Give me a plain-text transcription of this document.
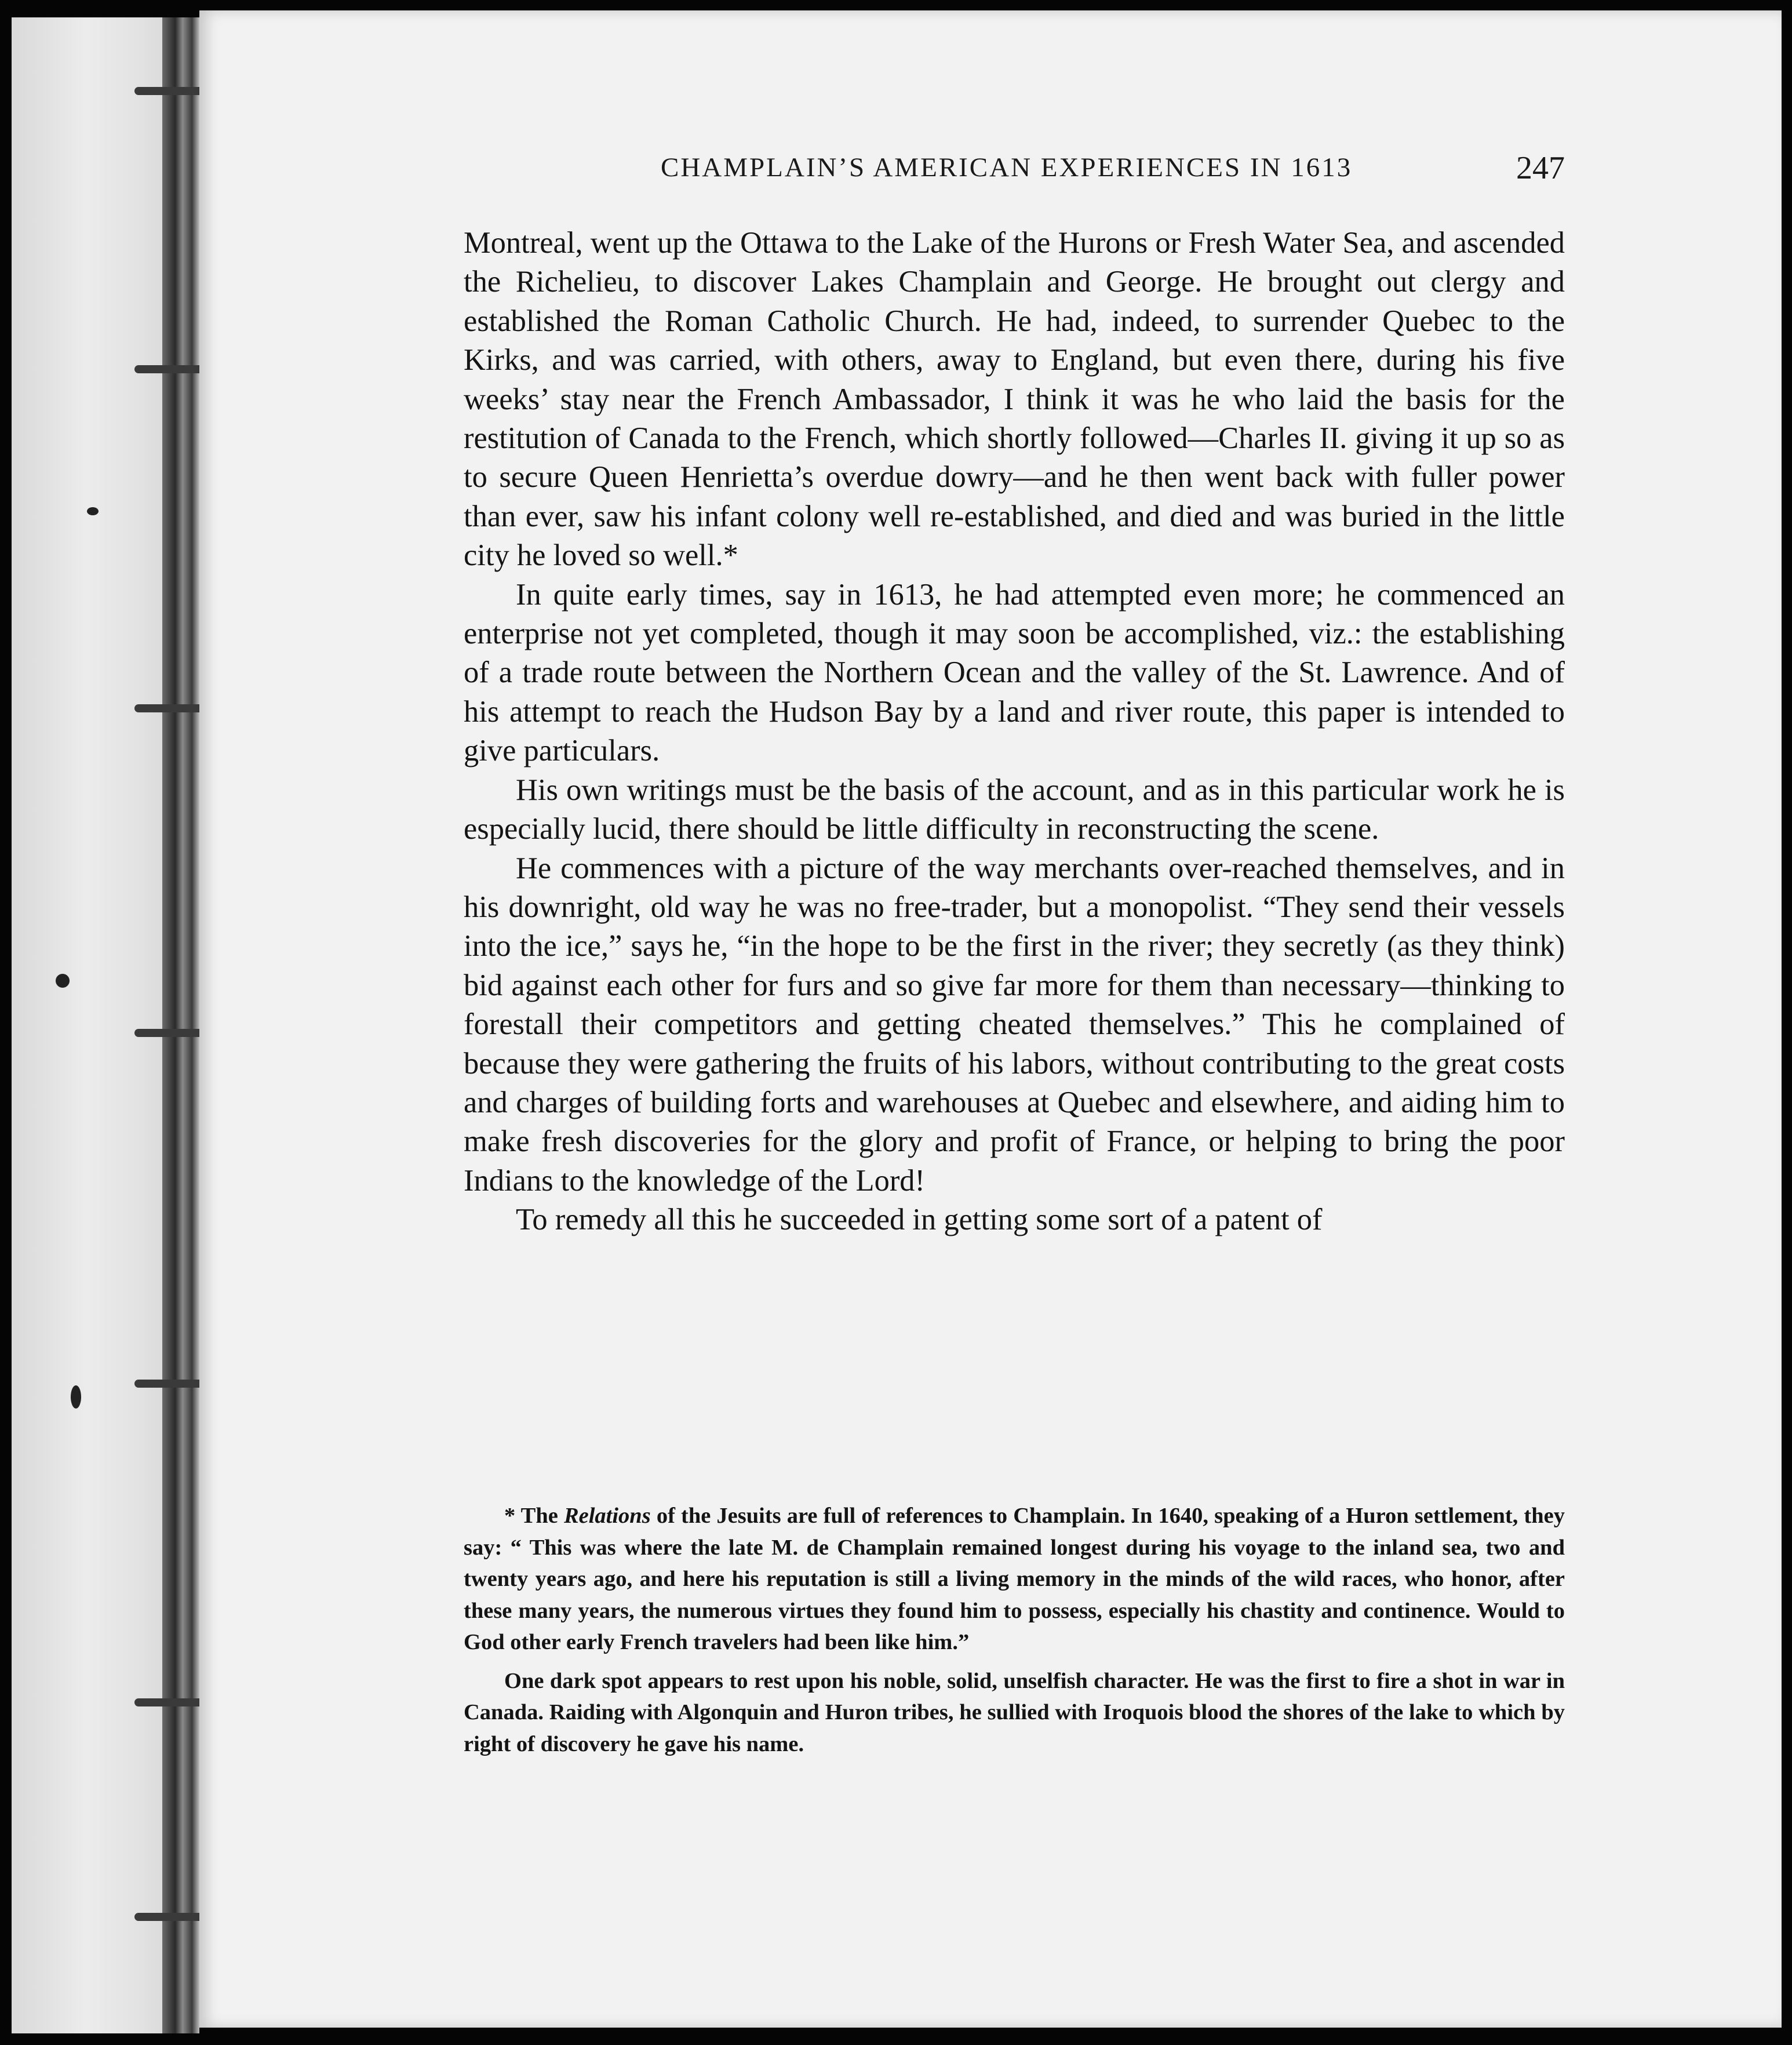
CHAMPLAIN’S AMERICAN EXPERIENCES IN 1613	247

Montreal, went up the Ottawa to the Lake of the Hurons or Fresh Water Sea, and ascended the Richelieu, to discover Lakes Champlain and George. He brought out clergy and established the Roman Catholic Church. He had, indeed, to surrender Quebec to the Kirks, and was carried, with others, away to England, but even there, during his five weeks’ stay near the French Ambassador, I think it was he who laid the basis for the restitution of Canada to the French, which shortly followed—Charles II. giving it up so as to secure Queen Henrietta’s overdue dowry—and he then went back with fuller power than ever, saw his infant colony well re-established, and died and was buried in the little city he loved so well.*

In quite early times, say in 1613, he had attempted even more; he commenced an enterprise not yet completed, though it may soon be accomplished, viz.: the establishing of a trade route between the Northern Ocean and the valley of the St. Lawrence. And of his attempt to reach the Hudson Bay by a land and river route, this paper is intended to give particulars.

His own writings must be the basis of the account, and as in this particular work he is especially lucid, there should be little difficulty in reconstructing the scene.

He commences with a picture of the way merchants over-reached themselves, and in his downright, old way he was no free-trader, but a monopolist. “They send their vessels into the ice,” says he, “in the hope to be the first in the river; they secretly (as they think) bid against each other for furs and so give far more for them than necessary—thinking to forestall their competitors and getting cheated themselves.” This he complained of because they were gathering the fruits of his labors, without contributing to the great costs and charges of building forts and warehouses at Quebec and elsewhere, and aiding him to make fresh discoveries for the glory and profit of France, or helping to bring the poor Indians to the knowledge of the Lord!

To remedy all this he succeeded in getting some sort of a patent of

* The Relations of the Jesuits are full of references to Champlain. In 1640, speaking of a Huron settlement, they say: “ This was where the late M. de Champlain remained longest during his voyage to the inland sea, two and twenty years ago, and here his reputation is still a living memory in the minds of the wild races, who honor, after these many years, the numerous virtues they found him to possess, especially his chastity and continence. Would to God other early French travelers had been like him.”

One dark spot appears to rest upon his noble, solid, unselfish character. He was the first to fire a shot in war in Canada. Raiding with Algonquin and Huron tribes, he sullied with Iroquois blood the shores of the lake to which by right of discovery he gave his name.
